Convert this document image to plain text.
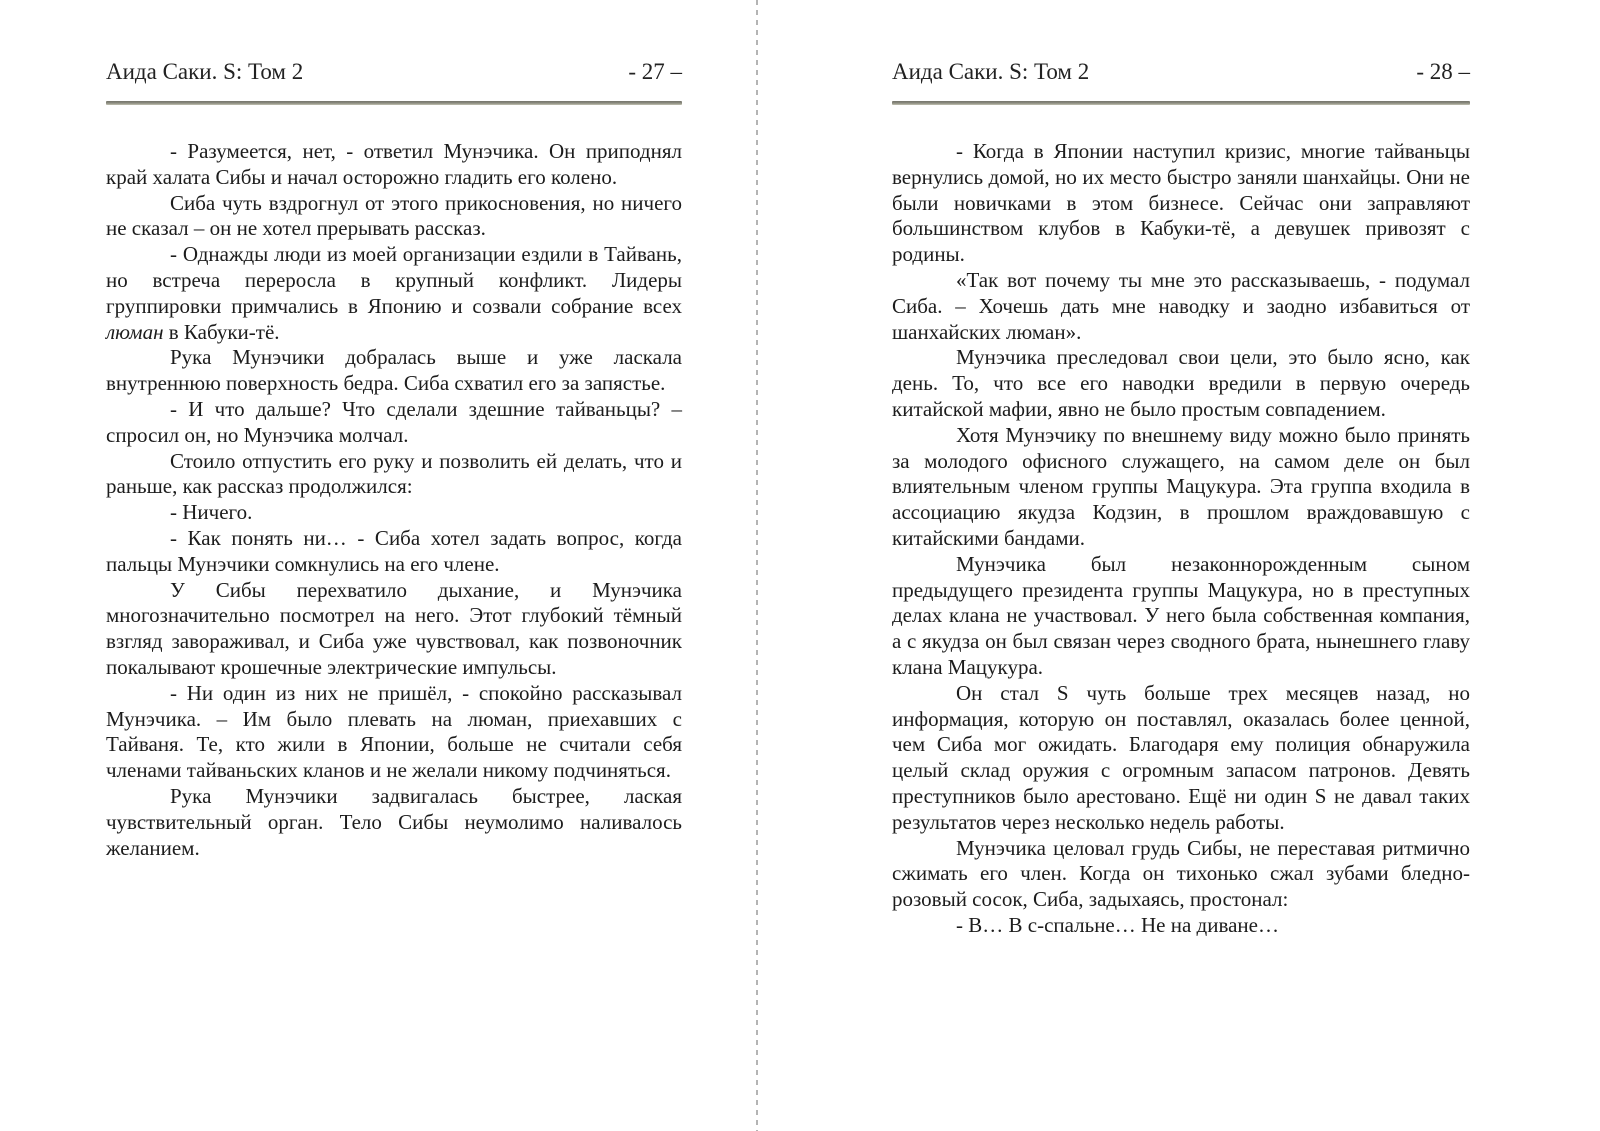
Аида Саки. S: Том 2	- 27 –

- Разумеется, нет, - ответил Мунэчика. Он приподнял край халата Сибы и начал осторожно гладить его колено.

Сиба чуть вздрогнул от этого прикосновения, но ничего не сказал – он не хотел прерывать рассказ.

- Однажды люди из моей организации ездили в Тайвань, но встреча переросла в крупный конфликт. Лидеры группировки примчались в Японию и созвали собрание всех люман в Кабуки-тё.

Рука Мунэчики добралась выше и уже ласкала внутреннюю поверхность бедра. Сиба схватил его за запястье.

- И что дальше? Что сделали здешние тайваньцы? – спросил он, но Мунэчика молчал.

Стоило отпустить его руку и позволить ей делать, что и раньше, как рассказ продолжился:

- Ничего.

- Как понять ни… - Сиба хотел задать вопрос, когда пальцы Мунэчики сомкнулись на его члене.

У Сибы перехватило дыхание, и Мунэчика многозначительно посмотрел на него. Этот глубокий тёмный взгляд завораживал, и Сиба уже чувствовал, как позвоночник покалывают крошечные электрические импульсы.

- Ни один из них не пришёл, - спокойно рассказывал Мунэчика. – Им было плевать на люман, приехавших с Тайваня. Те, кто жили в Японии, больше не считали себя членами тайваньских кланов и не желали никому подчиняться.

Рука Мунэчики задвигалась быстрее, лаская чувствительный орган. Тело Сибы неумолимо наливалось желанием.

Аида Саки. S: Том 2	- 28 –

- Когда в Японии наступил кризис, многие тайваньцы вернулись домой, но их место быстро заняли шанхайцы. Они не были новичками в этом бизнесе. Сейчас они заправляют большинством клубов в Кабуки-тё, а девушек привозят с родины.

«Так вот почему ты мне это рассказываешь, - подумал Сиба. – Хочешь дать мне наводку и заодно избавиться от шанхайских люман».

Мунэчика преследовал свои цели, это было ясно, как день. То, что все его наводки вредили в первую очередь китайской мафии, явно не было простым совпадением.

Хотя Мунэчику по внешнему виду можно было принять за молодого офисного служащего, на самом деле он был влиятельным членом группы Мацукура. Эта группа входила в ассоциацию якудза Кодзин, в прошлом враждовавшую с китайскими бандами.

Мунэчика был незаконнорожденным сыном предыдущего президента группы Мацукура, но в преступных делах клана не участвовал. У него была собственная компания, а с якудза он был связан через сводного брата, нынешнего главу клана Мацукура.

Он стал S чуть больше трех месяцев назад, но информация, которую он поставлял, оказалась более ценной, чем Сиба мог ожидать. Благодаря ему полиция обнаружила целый склад оружия с огромным запасом патронов. Девять преступников было арестовано. Ещё ни один S не давал таких результатов через несколько недель работы.

Мунэчика целовал грудь Сибы, не переставая ритмично сжимать его член. Когда он тихонько сжал зубами бледно-розовый сосок, Сиба, задыхаясь, простонал:

- В… В с-спальне… Не на диване…
